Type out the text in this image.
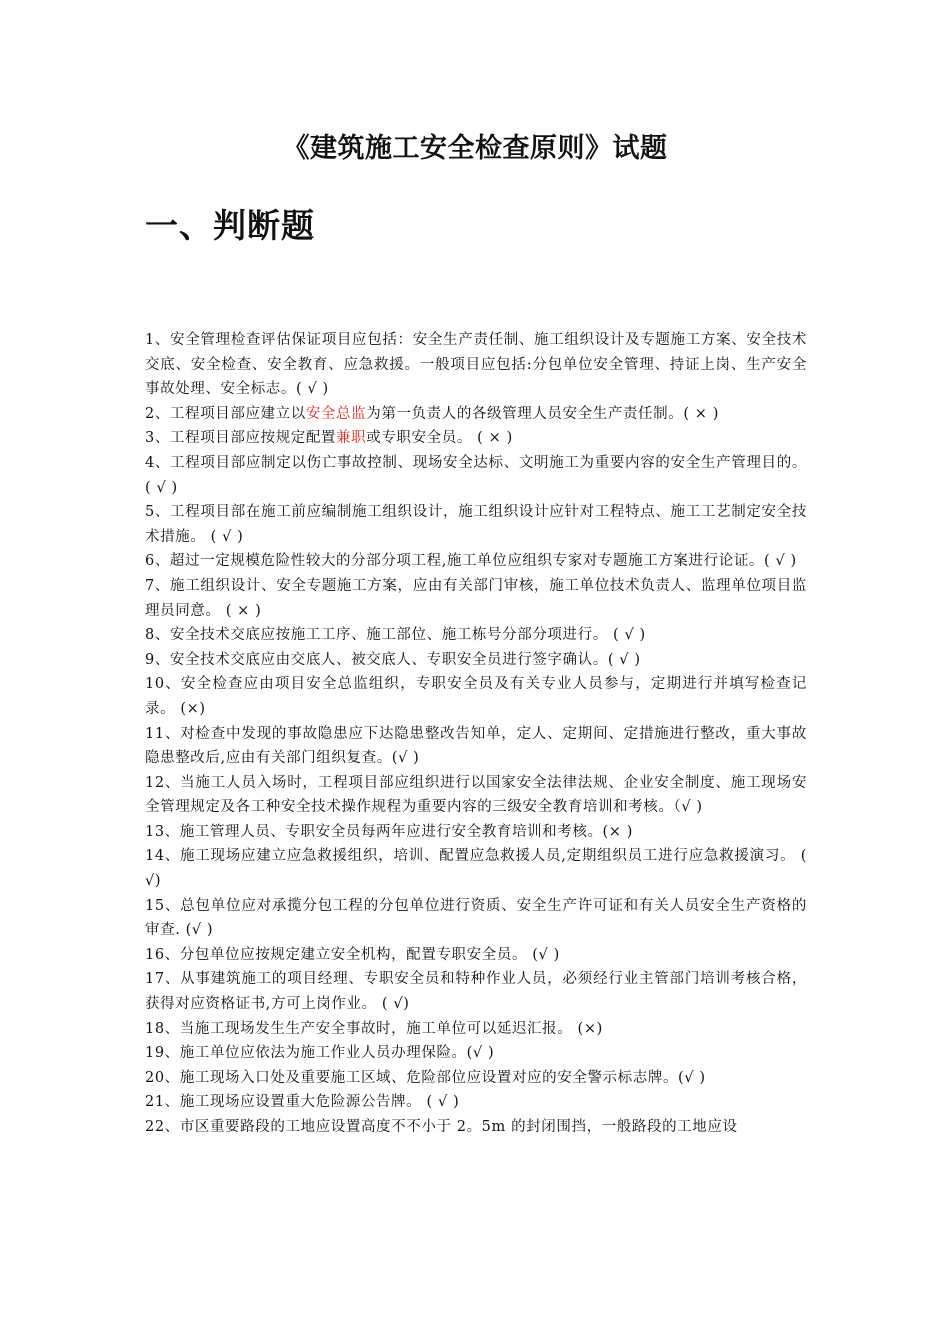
《建筑施工安全检查原则》试题
一、判断题
1、安全管理检查评估保证项目应包括：安全生产责任制、施工组织设计及专题施工方案、安全技术交底、安全检查、安全教育、应急救援。一般项目应包括:分包单位安全管理、持证上岗、生产安全事故处理、安全标志。( √ )
2、工程项目部应建立以安全总监为第一负责人的各级管理人员安全生产责任制。( × )
3、工程项目部应按规定配置兼职或专职安全员。 ( × )
4、工程项目部应制定以伤亡事故控制、现场安全达标、文明施工为重要内容的安全生产管理目的。 ( √ )
5、工程项目部在施工前应编制施工组织设计，施工组织设计应针对工程特点、施工工艺制定安全技术措施。 ( √ )
6、超过一定规模危险性较大的分部分项工程,施工单位应组织专家对专题施工方案进行论证。( √ )
7、施工组织设计、安全专题施工方案，应由有关部门审核，施工单位技术负责人、监理单位项目监理员同意。 ( × )
8、安全技术交底应按施工工序、施工部位、施工栋号分部分项进行。 ( √ )
9、安全技术交底应由交底人、被交底人、专职安全员进行签字确认。( √ )
10、安全检查应由项目安全总监组织，专职安全员及有关专业人员参与，定期进行并填写检查记录。 (×)
11、对检查中发现的事故隐患应下达隐患整改告知单，定人、定期间、定措施进行整改，重大事故隐患整改后,应由有关部门组织复查。(√ )
12、当施工人员入场时，工程项目部应组织进行以国家安全法律法规、企业安全制度、施工现场安全管理规定及各工种安全技术操作规程为重要内容的三级安全教育培训和考核。（√ )
13、施工管理人员、专职安全员每两年应进行安全教育培训和考核。(× )
14、施工现场应建立应急救援组织，培训、配置应急救援人员,定期组织员工进行应急救援演习。 ( √)
15、总包单位应对承揽分包工程的分包单位进行资质、安全生产许可证和有关人员安全生产资格的审查. (√ )
16、分包单位应按规定建立安全机构，配置专职安全员。 (√ )
17、从事建筑施工的项目经理、专职安全员和特种作业人员，必须经行业主管部门培训考核合格，获得对应资格证书,方可上岗作业。 ( √)
18、当施工现场发生生产安全事故时，施工单位可以延迟汇报。 (×)
19、施工单位应依法为施工作业人员办理保险。(√ )
20、施工现场入口处及重要施工区域、危险部位应设置对应的安全警示标志牌。(√ )
21、施工现场应设置重大危险源公告牌。 ( √ )
22、市区重要路段的工地应设置高度不不小于 2。5m 的封闭围挡，一般路段的工地应设
